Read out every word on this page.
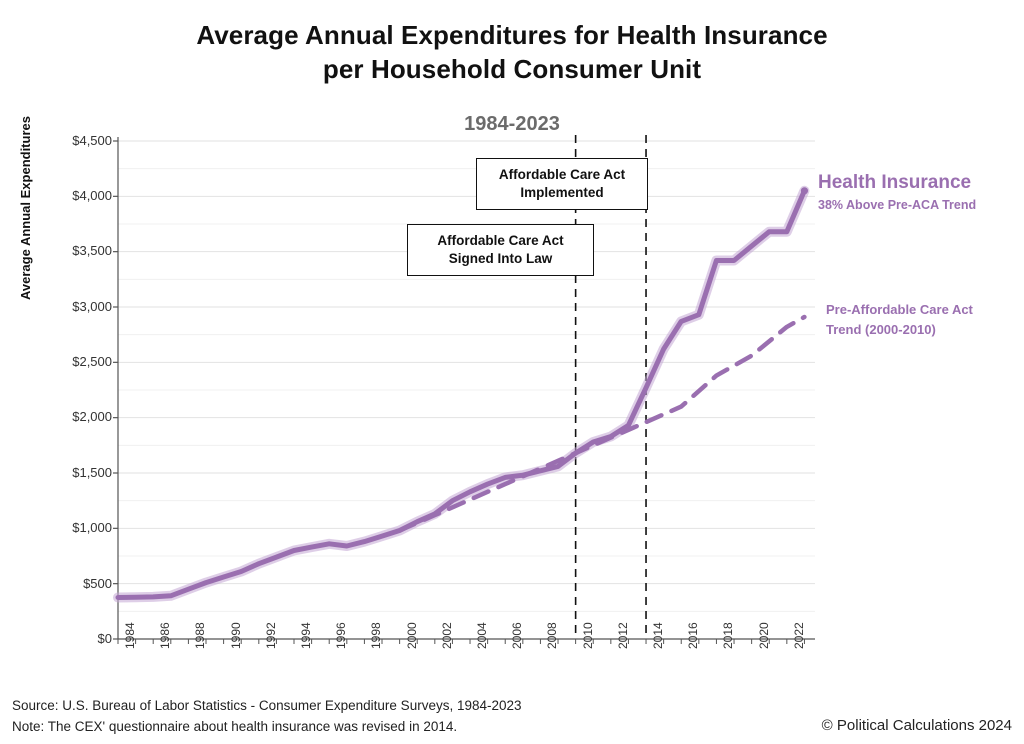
Average Annual Expenditures for Health Insurance
per Household Consumer Unit
1984-2023
Average Annual Expenditures	$4,500
$4,000
$3,500
$3,000
$2,500
$2,000
$1,500
$1,000
$500
$0 1984 1986 1988 1990 1992 1994 1996 1998 2000 2002 2004 2006 2008 2010 2012 2014 2016 2018 2020 2022
Affordable Care Act
Implemented
Affordable Care Act
Signed Into Law
Health Insurance
38% Above Pre-ACA Trend
Pre-Affordable Care Act
Trend (2000-2010)
Source: U.S. Bureau of Labor Statistics - Consumer Expenditure Surveys, 1984-2023
Note: The CEX' questionnaire about health insurance was revised in 2014.	© Political Calculations 2024
